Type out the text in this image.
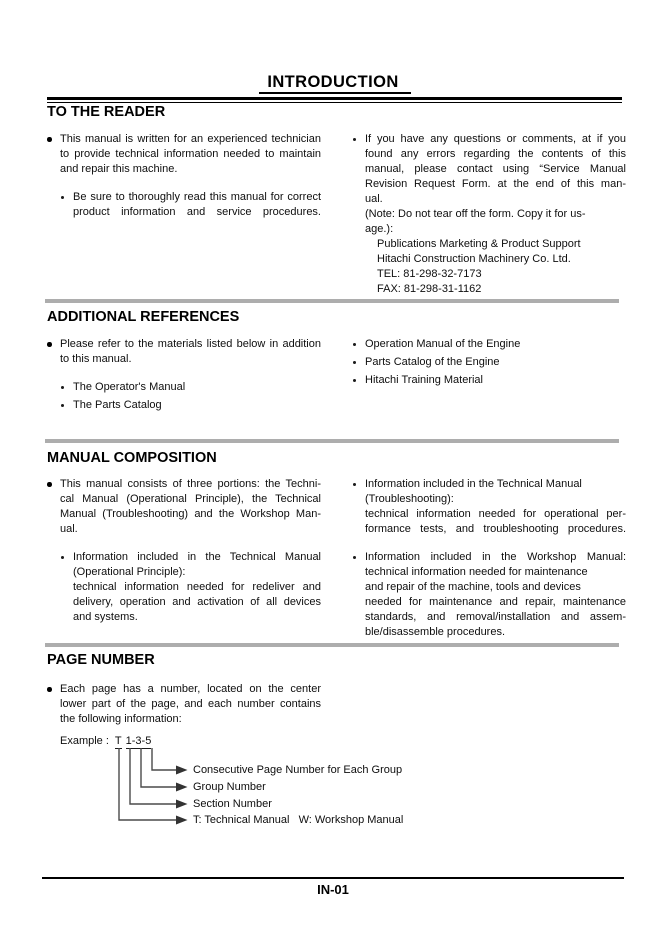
INTRODUCTION
TO THE READER
This manual is written for an experienced technician
to provide technical information needed to maintain
and repair this machine.
Be sure to thoroughly read this manual for correct
product information and service procedures.
If you have any questions or comments, at if you
found any errors regarding the contents of this
manual, please contact using “Service Manual
Revision Request Form. at the end of this man-
ual.
(Note: Do not tear off the form. Copy it for us-
age.):
Publications Marketing & Product Support
Hitachi Construction Machinery Co. Ltd.
TEL: 81-298-32-7173
FAX: 81-298-31-1162
ADDITIONAL REFERENCES
Please refer to the materials listed below in addition
to this manual.
The Operator's Manual
The Parts Catalog
Operation Manual of the Engine
Parts Catalog of the Engine
Hitachi Training Material
MANUAL COMPOSITION
This manual consists of three portions: the Techni-
cal Manual (Operational Principle), the Technical
Manual (Troubleshooting) and the Workshop Man-
ual.
Information included in the Technical Manual
(Operational Principle):
technical information needed for redeliver and
delivery, operation and activation of all devices
and systems.
Information included in the Technical Manual
(Troubleshooting):
technical information needed for operational per-
formance tests, and troubleshooting procedures.
Information included in the Workshop Manual:
technical information needed for maintenance
and repair of the machine, tools and devices
needed for maintenance and repair, maintenance
standards, and removal/installation and assem-
ble/disassemble procedures.
PAGE NUMBER
Each page has a number, located on the center
lower part of the page, and each number contains
the following information:
Example : T 1-3-5
Consecutive Page Number for Each Group
Group Number
Section Number
T: Technical Manual   W: Workshop Manual
IN-01
